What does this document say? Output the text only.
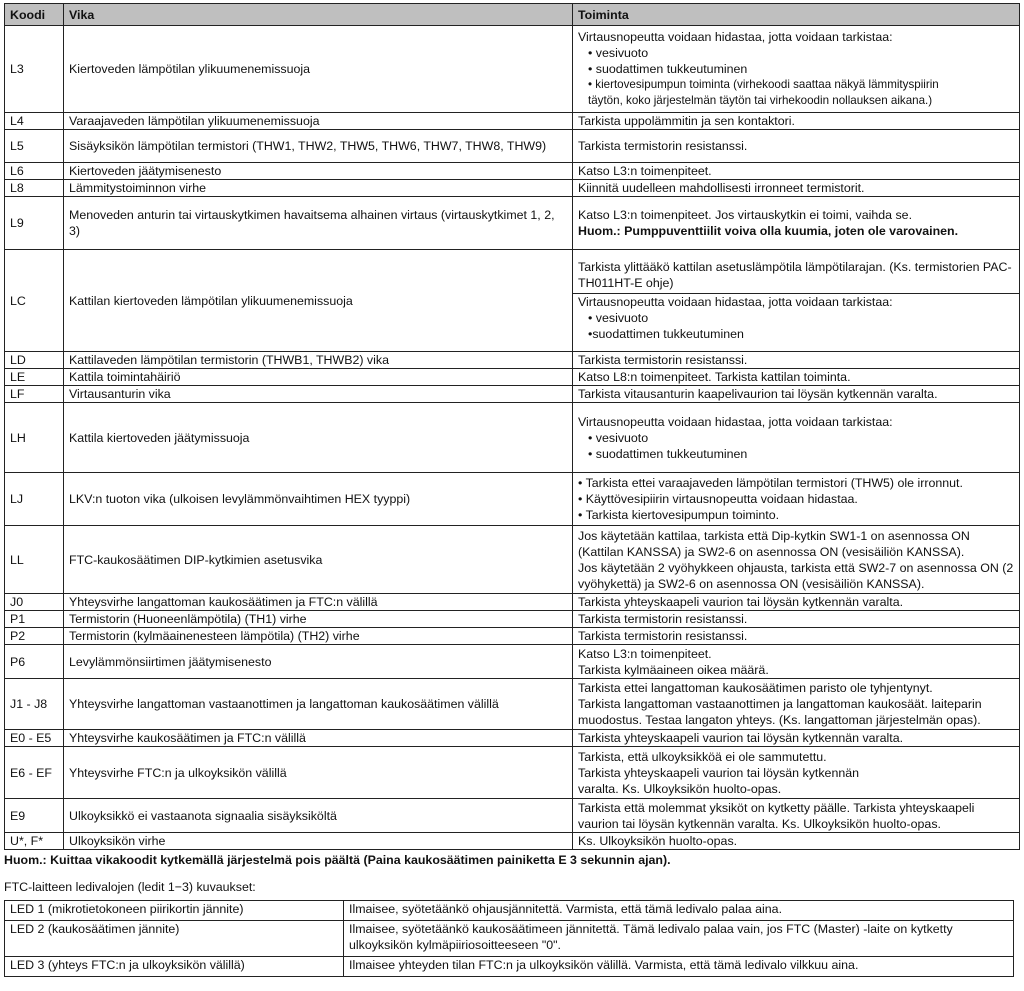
Koodi	Vika	Toiminta
L3	Kiertoveden lämpötilan ylikuumenemissuoja	Virtausnopeutta voidaan hidastaa, jotta voidaan tarkistaa:
• vesivuoto
• suodattimen tukkeutuminen
• kiertovesipumpun toiminta (virhekoodi saattaa näkyä lämmityspiirin
täytön, koko järjestelmän täytön tai virhekoodin nollauksen aikana.)

L4	Varaajaveden lämpötilan ylikuumenemissuoja	Tarkista uppolämmitin ja sen kontaktori.
L5	Sisäyksikön lämpötilan termistori (THW1, THW2, THW5, THW6, THW7, THW8, THW9)	Tarkista termistorin resistanssi.
L6	Kiertoveden jäätymisenesto	Katso L3:n toimenpiteet.
L8	Lämmitystoiminnon virhe	Kiinnitä uudelleen mahdollisesti irronneet termistorit.
L9	Menoveden anturin tai virtauskytkimen havaitsema alhainen virtaus (virtauskytkimet 1, 2, 3)	Katso L3:n toimenpiteet. Jos virtauskytkin ei toimi, vaihda se.
Huom.: Pumppuventtiilit voiva olla kuumia, joten ole varovainen.

LC	Kattilan kiertoveden lämpötilan ylikuumenemissuoja	Tarkista ylittääkö kattilan asetuslämpötila lämpötilarajan. (Ks. termistorien PAC-TH011HT-E ohje)
Virtausnopeutta voidaan hidastaa, jotta voidaan tarkistaa:
• vesivuoto
•suodattimen tukkeutuminen

LD	Kattilaveden lämpötilan termistorin (THWB1, THWB2) vika	Tarkista termistorin resistanssi.
LE	Kattila toimintahäiriö	Katso L8:n toimenpiteet. Tarkista kattilan toiminta.
LF	Virtausanturin vika	Tarkista vitausanturin kaapelivaurion tai löysän kytkennän varalta.
LH	Kattila kiertoveden jäätymissuoja	Virtausnopeutta voidaan hidastaa, jotta voidaan tarkistaa:
• vesivuoto
• suodattimen tukkeutuminen

LJ	LKV:n tuoton vika (ulkoisen levylämmönvaihtimen HEX tyyppi)	• Tarkista ettei varaajaveden lämpötilan termistori (THW5) ole irronnut.
• Käyttövesipiirin virtausnopeutta voidaan hidastaa.
• Tarkista kiertovesipumpun toiminto.

LL	FTC-kaukosäätimen DIP-kytkimien asetusvika	Jos käytetään kattilaa, tarkista että Dip-kytkin SW1-1 on asennossa ON (Kattilan KANSSA) ja SW2-6 on asennossa ON (vesisäiliön KANSSA).
Jos käytetään 2 vyöhykkeen ohjausta, tarkista että SW2-7 on asennossa ON (2 vyöhykettä) ja SW2-6 on asennossa ON (vesisäiliön KANSSA).

J0	Yhteysvirhe langattoman kaukosäätimen ja FTC:n välillä	Tarkista yhteyskaapeli vaurion tai löysän kytkennän varalta.
P1	Termistorin (Huoneenlämpötila) (TH1) virhe	Tarkista termistorin resistanssi.
P2	Termistorin (kylmäainenesteen lämpötila) (TH2) virhe	Tarkista termistorin resistanssi.
P6	Levylämmönsiirtimen jäätymisenesto	Katso L3:n toimenpiteet.
Tarkista kylmäaineen oikea määrä.

J1 - J8	Yhteysvirhe langattoman vastaanottimen ja langattoman kaukosäätimen välillä	Tarkista ettei langattoman kaukosäätimen paristo ole tyhjentynyt.
Tarkista langattoman vastaanottimen ja langattoman kaukosäät. laiteparin muodostus. Testaa langaton yhteys. (Ks. langattoman järjestelmän opas).

E0 - E5	Yhteysvirhe kaukosäätimen ja FTC:n välillä	Tarkista yhteyskaapeli vaurion tai löysän kytkennän varalta.
E6 - EF	Yhteysvirhe FTC:n ja ulkoyksikön välillä	Tarkista, että ulkoyksikköä ei ole sammutettu.
Tarkista yhteyskaapeli vaurion tai löysän kytkennän
varalta. Ks. Ulkoyksikön huolto-opas.

E9	Ulkoyksikkö ei vastaanota signaalia sisäyksiköltä	Tarkista että molemmat yksiköt on kytketty päälle. Tarkista yhteyskaapeli vaurion tai löysän kytkennän varalta. Ks. Ulkoyksikön huolto-opas.
U*, F*	Ulkoyksikön virhe	Ks. Ulkoyksikön huolto-opas.
Huom.: Kuittaa vikakoodit kytkemällä järjestelmä pois päältä (Paina kaukosäätimen painiketta E 3 sekunnin ajan).
FTC-laitteen ledivalojen (ledit 1−3) kuvaukset:
LED 1 (mikrotietokoneen piirikortin jännite)	Ilmaisee, syötetäänkö ohjausjännitettä. Varmista, että tämä ledivalo palaa aina.
LED 2 (kaukosäätimen jännite)	Ilmaisee, syötetäänkö kaukosäätimeen jännitettä. Tämä ledivalo palaa vain, jos FTC (Master) -laite on kytketty ulkoyksikön kylmäpiiriosoitteeseen "0".
LED 3 (yhteys FTC:n ja ulkoyksikön välillä)	Ilmaisee yhteyden tilan FTC:n ja ulkoyksikön välillä. Varmista, että tämä ledivalo vilkkuu aina.
